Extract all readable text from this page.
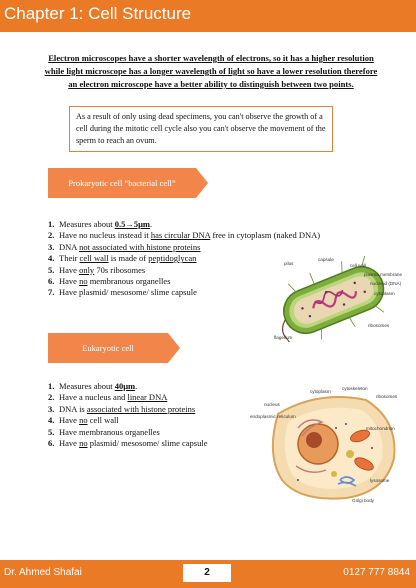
Chapter 1: Cell Structure
Electron microscopes have a shorter wavelength of electrons, so it has a higher resolution while light microscope has a longer wavelength of light so have a lower resolution therefore an electron microscope have a better ability to distinguish between two points.
As a result of only using dead specimens, you can't observe the growth of a cell during the mitotic cell cycle also you can't observe the movement of the sperm to reach an ovum.
Prokaryotic cell “bacterial cell”
1. Measures about 0.5→5μm.
2. Have no nucleus instead it has circular DNA free in cytoplasm (naked DNA)
3. DNA not associated with histone proteins
4. Their cell wall is made of peptidoglycan
5. Have only 70s ribosomes
6. Have no membranous organelles
7. Have plasmid/ mesosome/ slime capsule
pilus
capsule
cell wall
plasma membrane
nucleoid (DNA)
cytoplasm
ribosomes
flagellum
Eukaryotic cell
1. Measures about 40μm.
2. Have a nucleus and linear DNA
3. DNA is associated with histone proteins
4. Have no cell wall
5. Have membranous organelles
6. Have no plasmid/ mesosome/ slime capsule
cytoplasm
cytoskeleton
ribosomes
nucleus
endoplasmic reticulum
mitochondrion
lysosome
Golgi body
Dr. Ahmed Shafai	2	0127 777 8844
